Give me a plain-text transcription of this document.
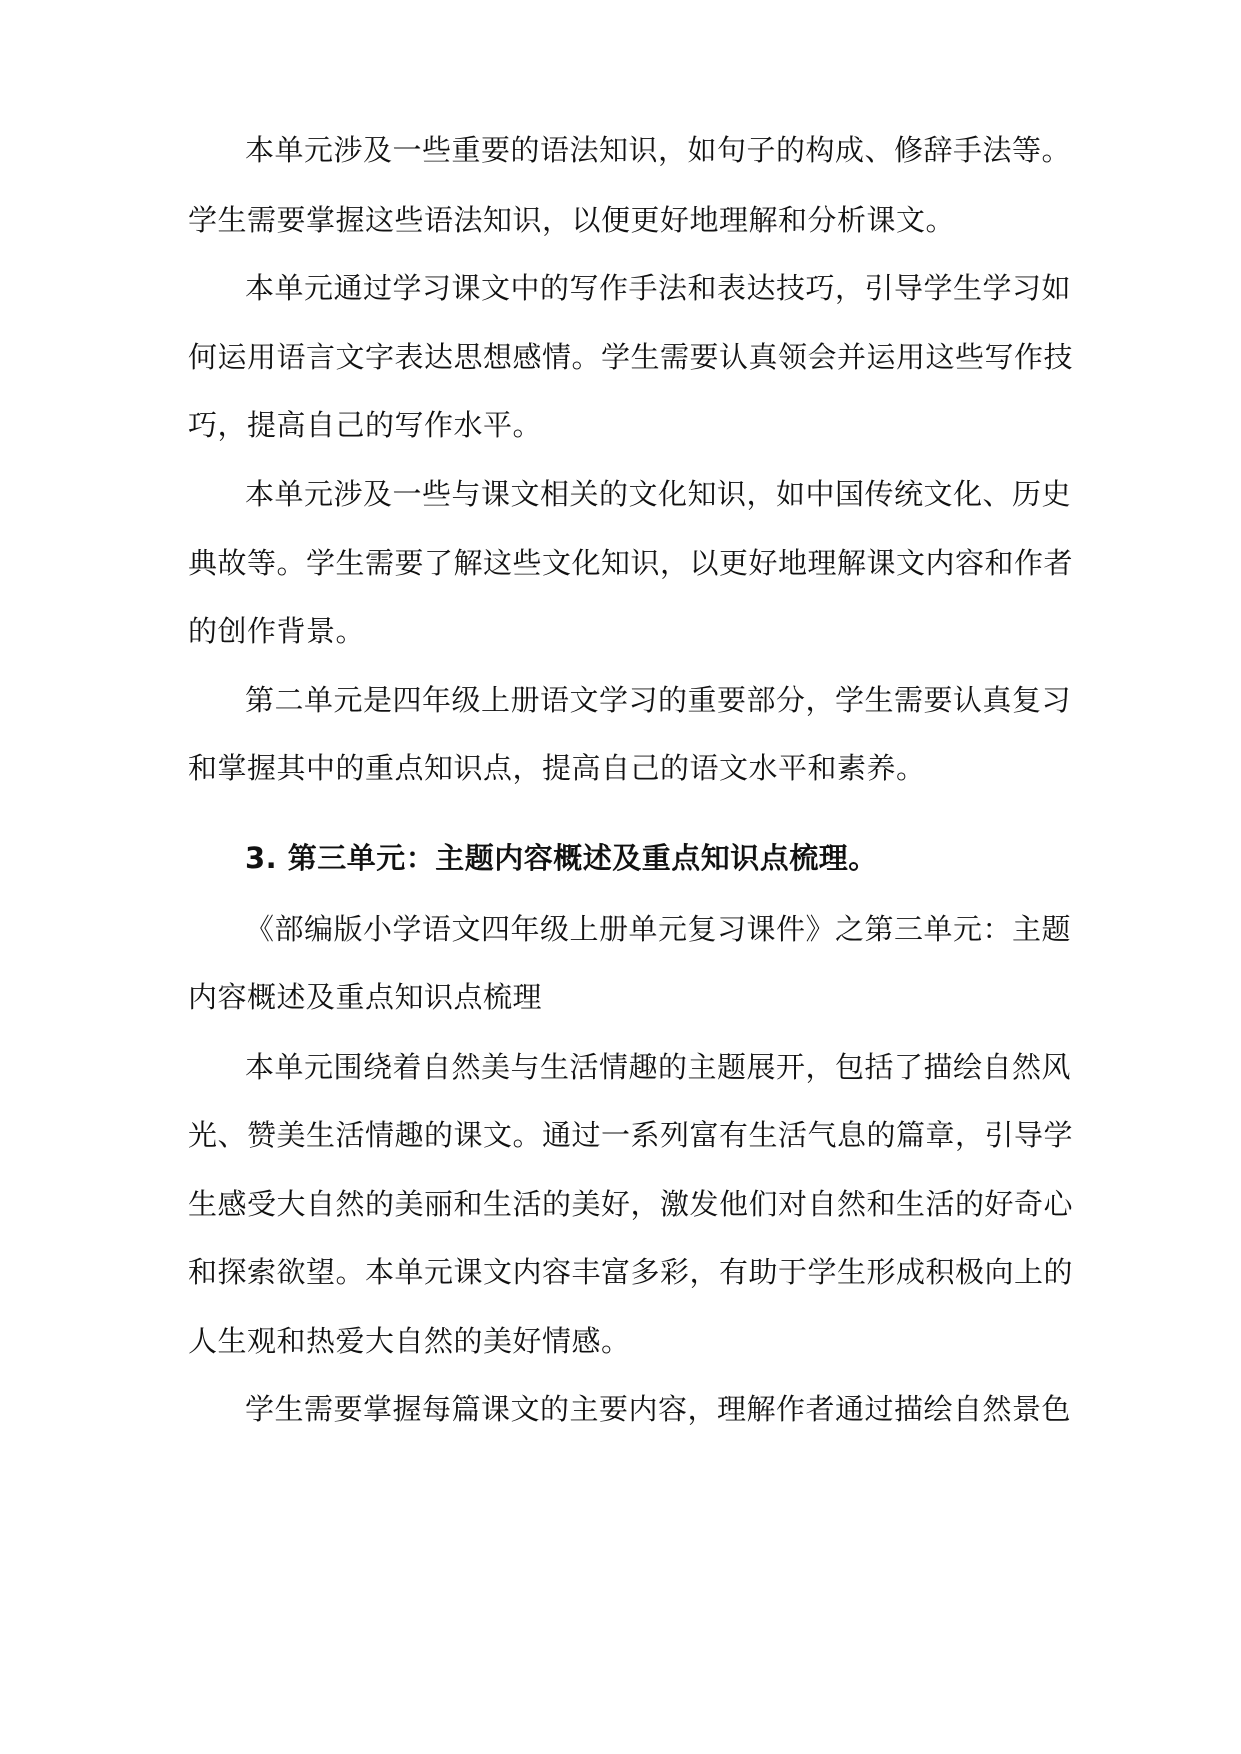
本单元涉及一些重要的语法知识，如句子的构成、修辞手法等。
学生需要掌握这些语法知识，以便更好地理解和分析课文。
本单元通过学习课文中的写作手法和表达技巧，引导学生学习如
何运用语言文字表达思想感情。学生需要认真领会并运用这些写作技
巧，提高自己的写作水平。
本单元涉及一些与课文相关的文化知识，如中国传统文化、历史
典故等。学生需要了解这些文化知识，以更好地理解课文内容和作者
的创作背景。
第二单元是四年级上册语文学习的重要部分，学生需要认真复习
和掌握其中的重点知识点，提高自己的语文水平和素养。
3. 第三单元：主题内容概述及重点知识点梳理。
《部编版小学语文四年级上册单元复习课件》之第三单元：主题
内容概述及重点知识点梳理
本单元围绕着自然美与生活情趣的主题展开，包括了描绘自然风
光、赞美生活情趣的课文。通过一系列富有生活气息的篇章，引导学
生感受大自然的美丽和生活的美好，激发他们对自然和生活的好奇心
和探索欲望。本单元课文内容丰富多彩，有助于学生形成积极向上的
人生观和热爱大自然的美好情感。
学生需要掌握每篇课文的主要内容，理解作者通过描绘自然景色
